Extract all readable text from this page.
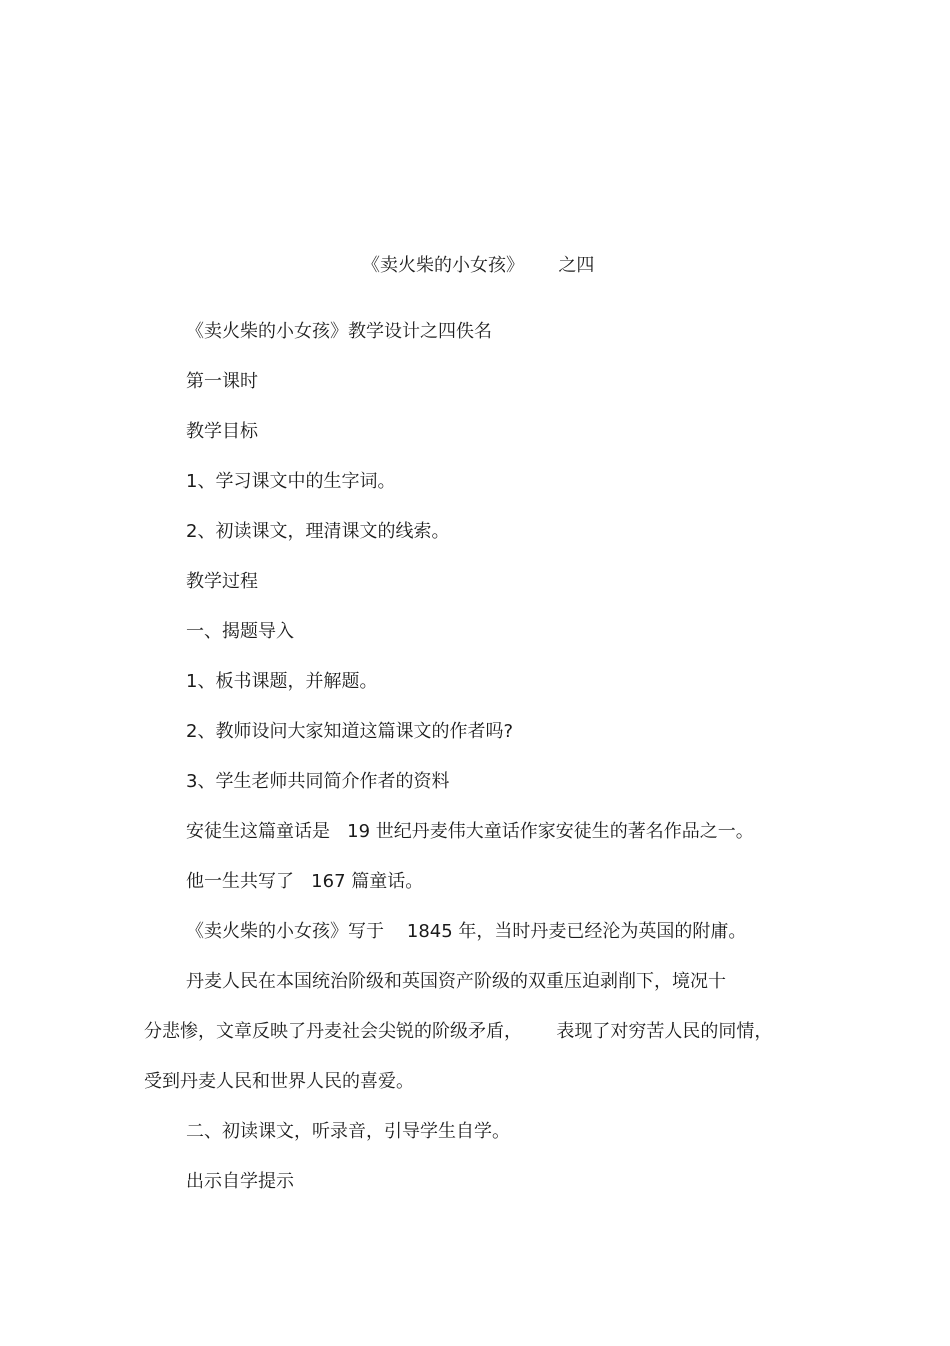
《卖火柴的小女孩》      之四

《卖火柴的小女孩》教学设计之四佚名

第一课时

教学目标

1、学习课文中的生字词。

2、初读课文，理清课文的线索。

教学过程

一、揭题导入

1、板书课题，并解题。

2、教师设问大家知道这篇课文的作者吗?

3、学生老师共同简介作者的资料

安徒生这篇童话是   19 世纪丹麦伟大童话作家安徒生的著名作品之一。

他一生共写了   167 篇童话。

《卖火柴的小女孩》写于    1845 年，当时丹麦已经沦为英国的附庸。

丹麦人民在本国统治阶级和英国资产阶级的双重压迫剥削下，境况十

分悲惨，文章反映了丹麦社会尖锐的阶级矛盾，      表现了对穷苦人民的同情，

受到丹麦人民和世界人民的喜爱。

二、初读课文，听录音，引导学生自学。

出示自学提示
